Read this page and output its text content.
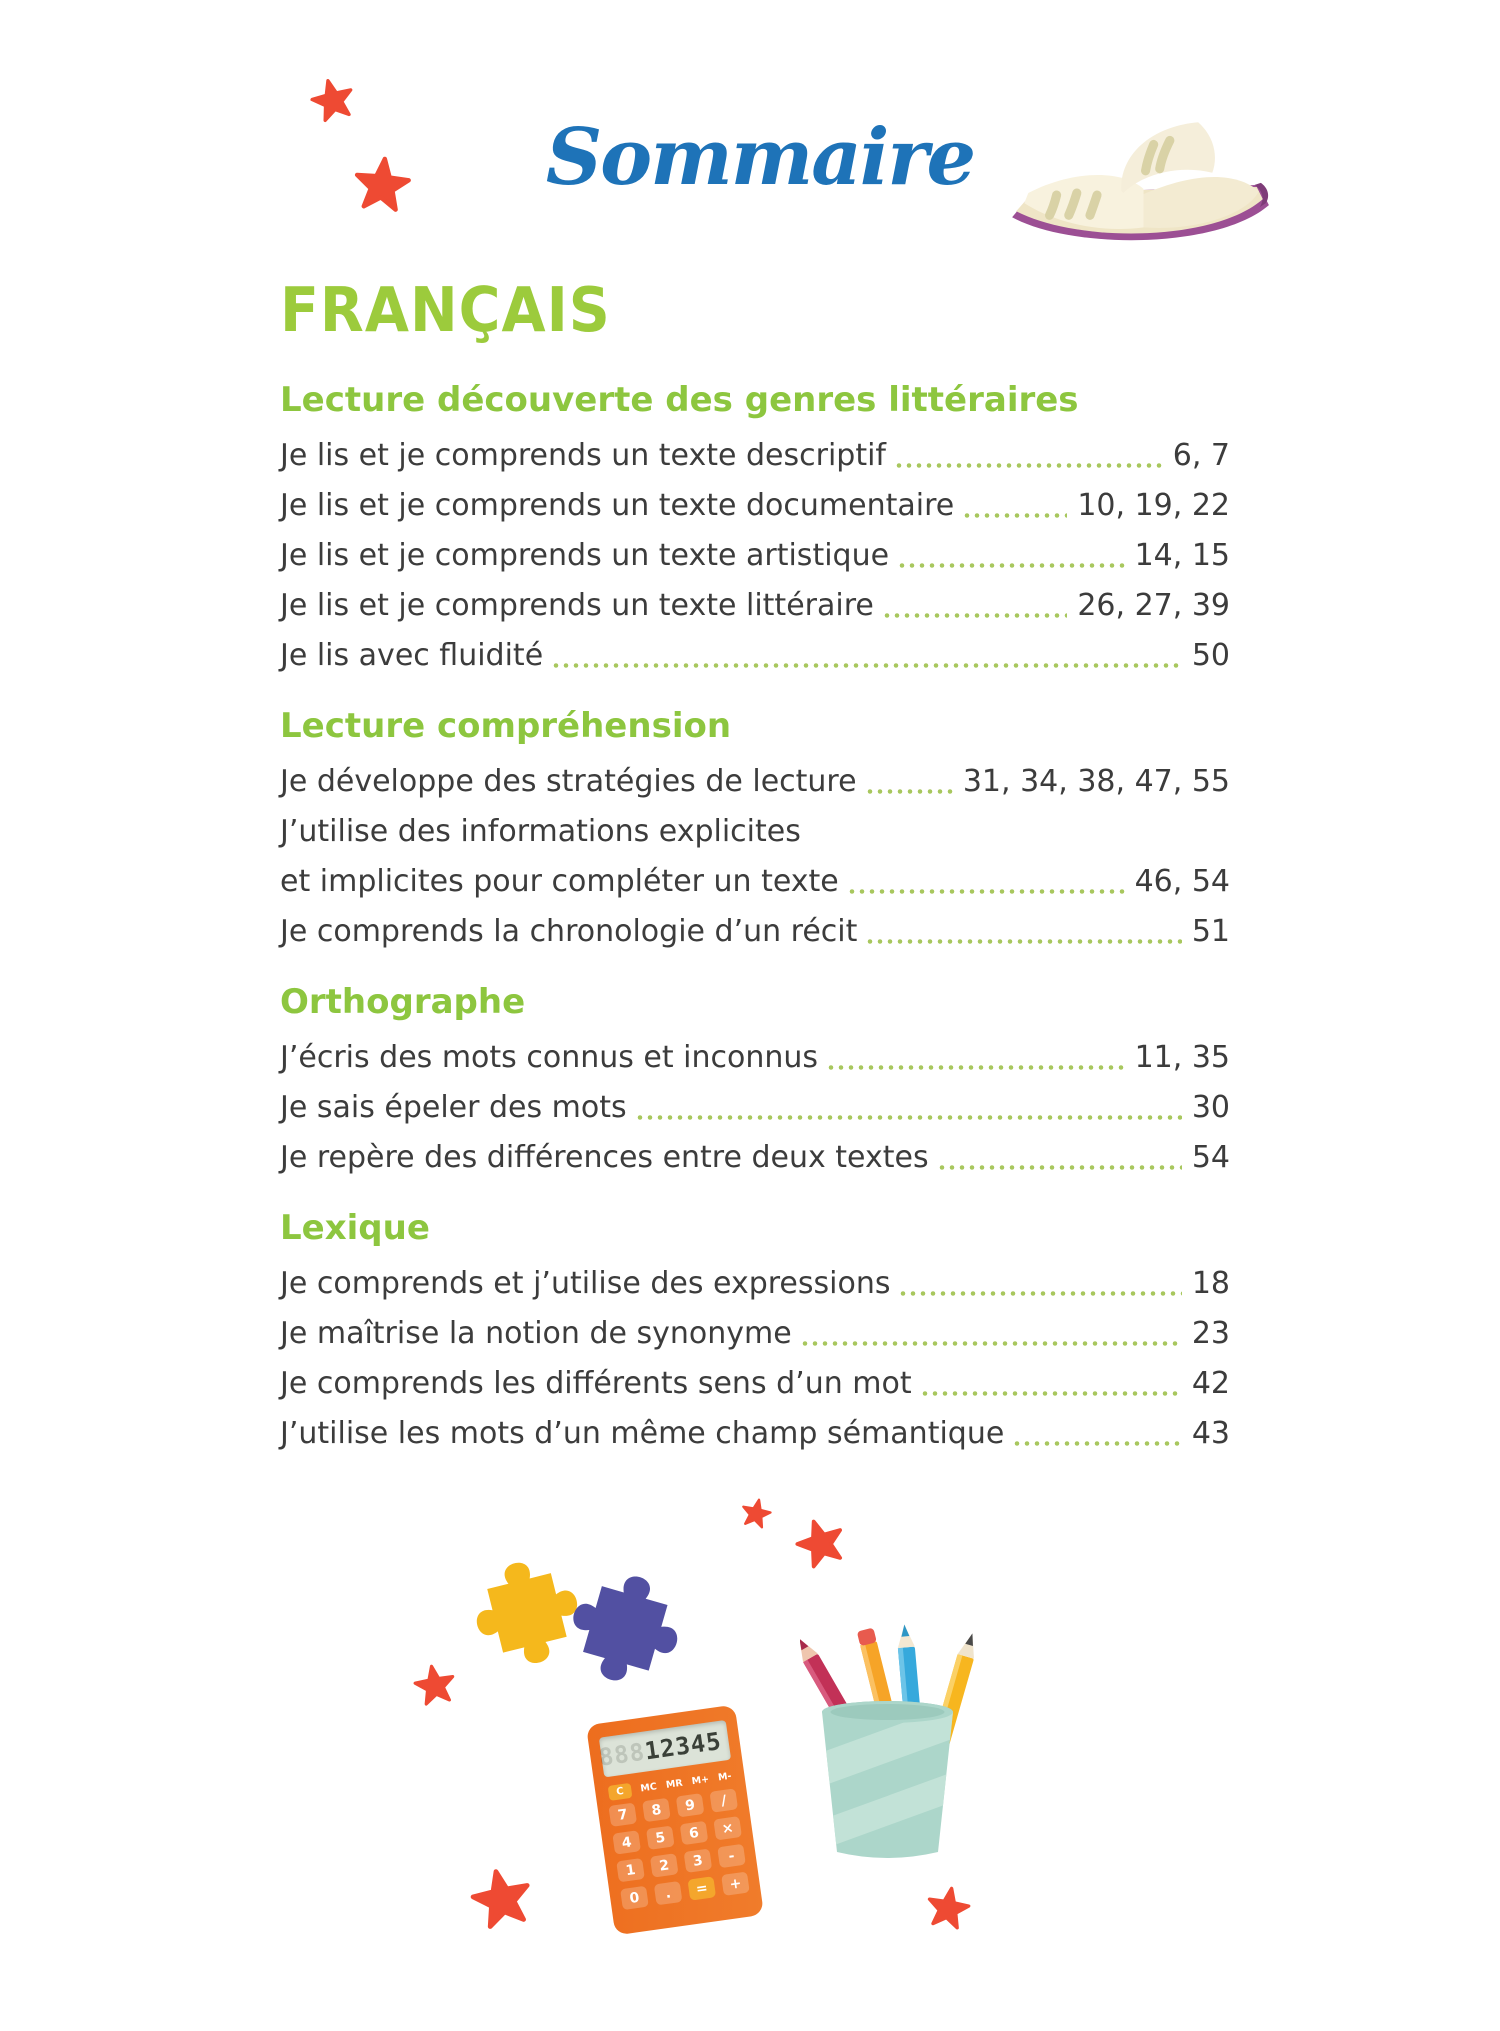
Sommaire
FRANÇAIS
Lecture découverte des genres littéraires
Je lis et je comprends un texte descriptif	6, 7
Je lis et je comprends un texte documentaire	10, 19, 22
Je lis et je comprends un texte artistique	14, 15
Je lis et je comprends un texte littéraire	26, 27, 39
Je lis avec fluidité	50
Lecture compréhension
Je développe des stratégies de lecture	31, 34, 38, 47, 55
J’utilise des informations explicites
et implicites pour compléter un texte	46, 54
Je comprends la chronologie d’un récit	51
Orthographe
J’écris des mots connus et inconnus	11, 35
Je sais épeler des mots	30
Je repère des différences entre deux textes	54
Lexique
Je comprends et j’utilise des expressions	18
Je maîtrise la notion de synonyme	23
Je comprends les différents sens d’un mot	42
J’utilise les mots d’un même champ sémantique	43
888
12345
C	MC MR M+ M-
7	8	9	/
4	5	6	×
1	2	3	-
0	.	=	+
